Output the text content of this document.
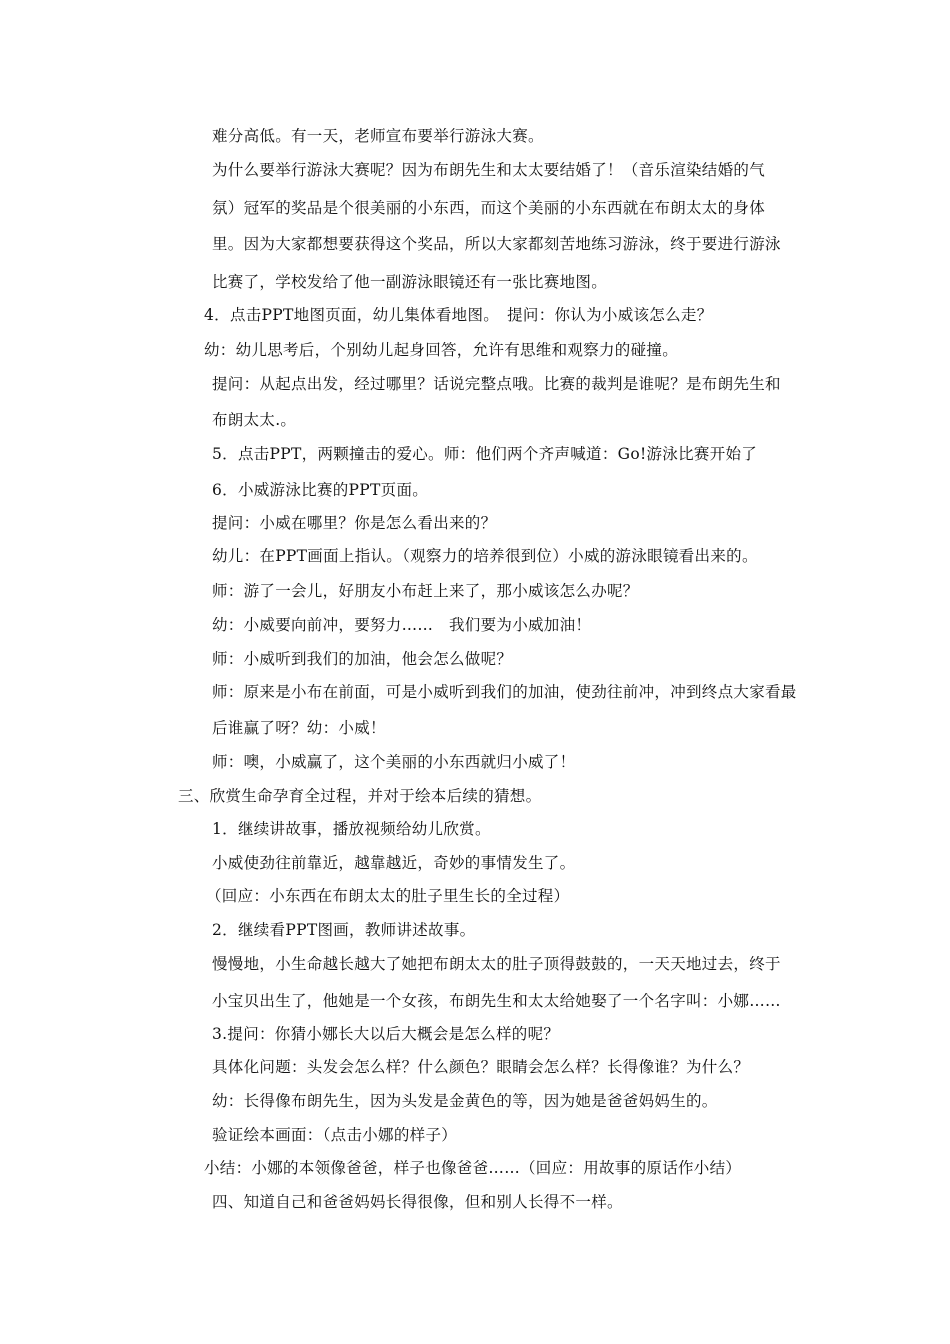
难分高低。有一天，老师宣布要举行游泳大赛。
为什么要举行游泳大赛呢？因为布朗先生和太太要结婚了！（音乐渲染结婚的气
氛）冠军的奖品是个很美丽的小东西，而这个美丽的小东西就在布朗太太的身体
里。因为大家都想要获得这个奖品，所以大家都刻苦地练习游泳，终于要进行游泳
比赛了，学校发给了他一副游泳眼镜还有一张比赛地图。
4．点击PPT地图页面，幼儿集体看地图。　提问：你认为小威该怎么走？
幼：幼儿思考后，个别幼儿起身回答，允许有思维和观察力的碰撞。
提问：从起点出发，经过哪里？话说完整点哦。比赛的裁判是谁呢？是布朗先生和
布朗太太.。
5．点击PPT，两颗撞击的爱心。师：他们两个齐声喊道：Go!游泳比赛开始了
6．小威游泳比赛的PPT页面。
提问：小威在哪里？你是怎么看出来的？
幼儿：在PPT画面上指认。（观察力的培养很到位）小威的游泳眼镜看出来的。
师：游了一会儿，好朋友小布赶上来了，那小威该怎么办呢？
幼：小威要向前冲，要努力……　我们要为小威加油！
师：小威听到我们的加油，他会怎么做呢？
师：原来是小布在前面，可是小威听到我们的加油，使劲往前冲，冲到终点大家看最
后谁赢了呀？幼：小威！
师：噢，小威赢了，这个美丽的小东西就归小威了！
三、欣赏生命孕育全过程，并对于绘本后续的猜想。
1．继续讲故事，播放视频给幼儿欣赏。
小威使劲往前靠近，越靠越近，奇妙的事情发生了。
（回应：小东西在布朗太太的肚子里生长的全过程）
2．继续看PPT图画，教师讲述故事。
慢慢地，小生命越长越大了她把布朗太太的肚子顶得鼓鼓的，一天天地过去，终于
小宝贝出生了，他她是一个女孩，布朗先生和太太给她娶了一个名字叫：小娜……
3.提问：你猜小娜长大以后大概会是怎么样的呢？
具体化问题：头发会怎么样？什么颜色？眼睛会怎么样？长得像谁？为什么？
幼：长得像布朗先生，因为头发是金黄色的等，因为她是爸爸妈妈生的。
验证绘本画面：（点击小娜的样子）
小结：小娜的本领像爸爸，样子也像爸爸……（回应：用故事的原话作小结）
四、知道自己和爸爸妈妈长得很像，但和别人长得不一样。
